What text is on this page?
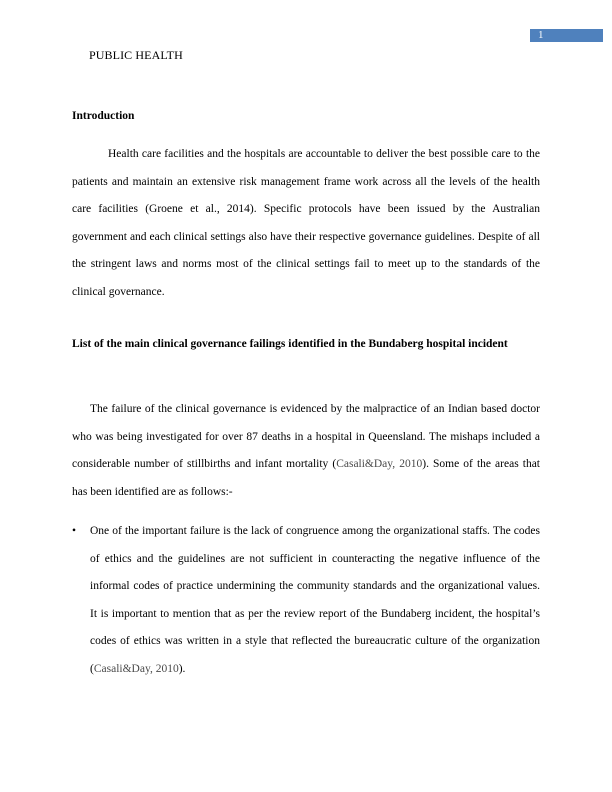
1
PUBLIC HEALTH
Introduction

Health care facilities and the hospitals are accountable to deliver the best possible care to the patients and maintain an extensive risk management frame work across all the levels of the health care facilities (Groene et al., 2014). Specific protocols have been issued by the Australian government and each clinical settings also have their respective governance guidelines. Despite of all the stringent laws and norms most of the clinical settings fail to meet up to the standards of the clinical governance.

List of the main clinical governance failings identified in the Bundaberg hospital incident

The failure of the clinical governance is evidenced by the malpractice of an Indian based doctor who was being investigated for over 87 deaths in a hospital in Queensland. The mishaps included a considerable number of stillbirths and infant mortality (Casali&Day, 2010). Some of the areas that has been identified are as follows:-

• One of the important failure is the lack of congruence among the organizational staffs. The codes of ethics and the guidelines are not sufficient in counteracting the negative influence of the informal codes of practice undermining the community standards and the organizational values. It is important to mention that as per the review report of the Bundaberg incident, the hospital’s codes of ethics was written in a style that reflected the bureaucratic culture of the organization (Casali&Day, 2010).
